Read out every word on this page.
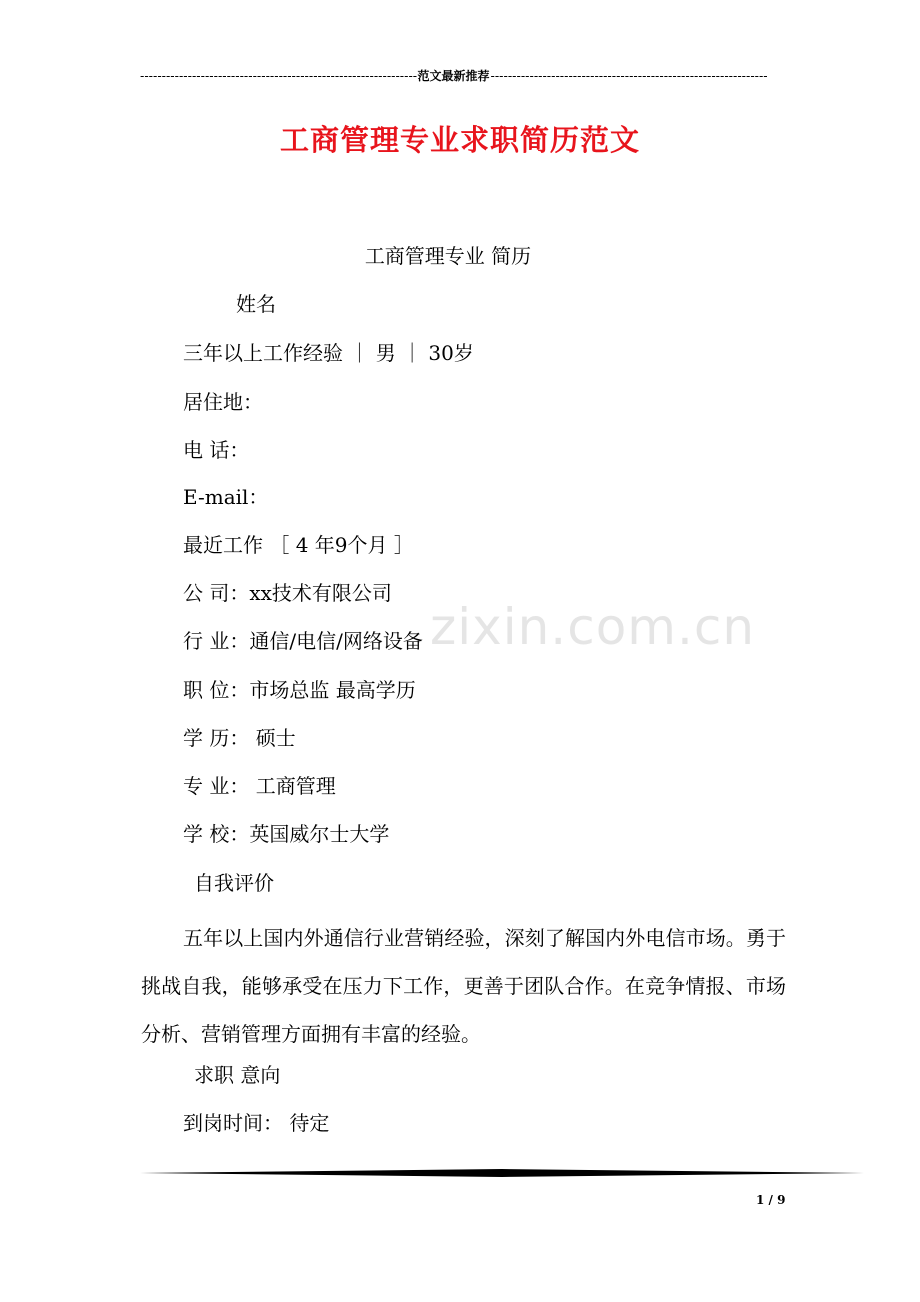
-----
范文最新推荐
-----
工商管理专业求职简历范文
工商管理专业 简历
姓名
三年以上工作经验 ｜ 男 ｜ 30岁
居住地：
电 话：
E-mail：
最近工作 ［ 4 年9个月 ］
公 司：xx技术有限公司
行 业：通信/电信/网络设备
职 位：市场总监 最高学历
学 历： 硕士
专 业： 工商管理
学 校：英国威尔士大学
自我评价
五年以上国内外通信行业营销经验，深刻了解国内外电信市场。勇于挑战自我，能够承受在压力下工作，更善于团队合作。在竞争情报、市场分析、营销管理方面拥有丰富的经验。
求职 意向
到岗时间： 待定
zixin.com.cn
1 / 9
